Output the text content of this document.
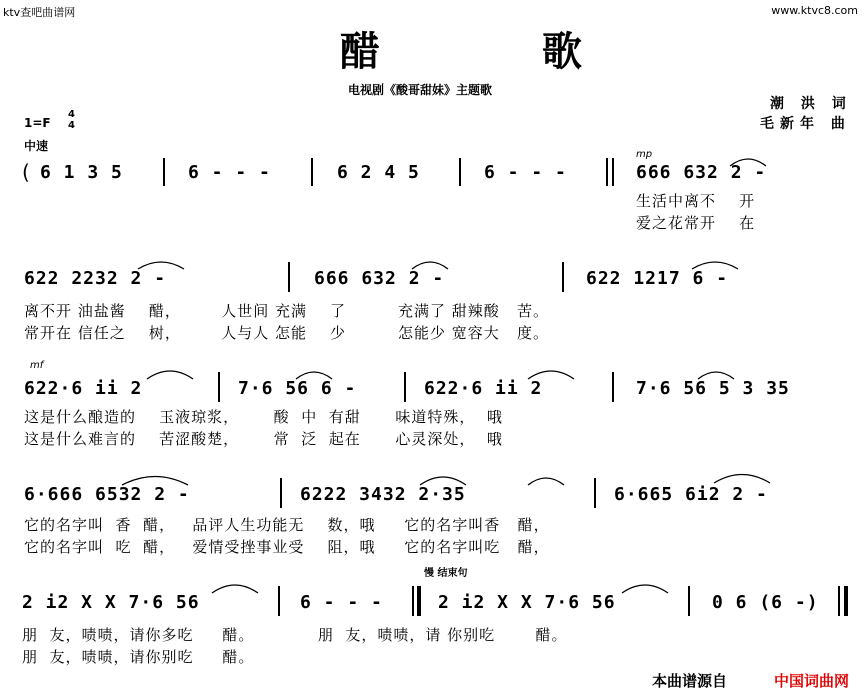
ktv查吧曲谱网	www.ktvc8.com
醋 歌
电视剧《酸哥甜妹》主题歌
潮 洪 词
毛新年 曲
1=F
4
4
中速
mp
6 1 3 5	6 - - -	6 2 4 5	6 - - -	666 632 2 -
(
生活中离不    开
爱之花常开    在
622 2232 2 -	666 632 2 -	622 1217 6 -
离不开 油盐酱    醋，       人世间 充满    了         充满了 甜辣酸   苦。
常开在 信任之    树，       人与人 怎能    少         怎能少 宽容大   度。
mf
622·6 ii 2	7·6 56 6 -	622·6 ii 2	7·6 56 5 3 35
这是什么酿造的    玉液琼浆，      酸  中  有甜      味道特殊，  哦
这是什么难言的    苦涩酸楚，      常  泛  起在      心灵深处，  哦
6·666 6532 2 -	6222 3432 2·35	6·665 6i2 2 -
它的名字叫  香  醋，   品评人生功能无    数，哦     它的名字叫香   醋，
它的名字叫  吃  醋，   爱情受挫事业受    阻，哦     它的名字叫吃   醋，
慢 结束句
2 i2 X X 7·6 56	6 - - -	2 i2 X X 7·6 56	0 6 (6 -)
朋  友，啧啧，请你多吃     醋。           朋  友，啧啧，请 你别吃       醋。
朋  友，啧啧，请你别吃     醋。
本曲谱源自	中国词曲网
